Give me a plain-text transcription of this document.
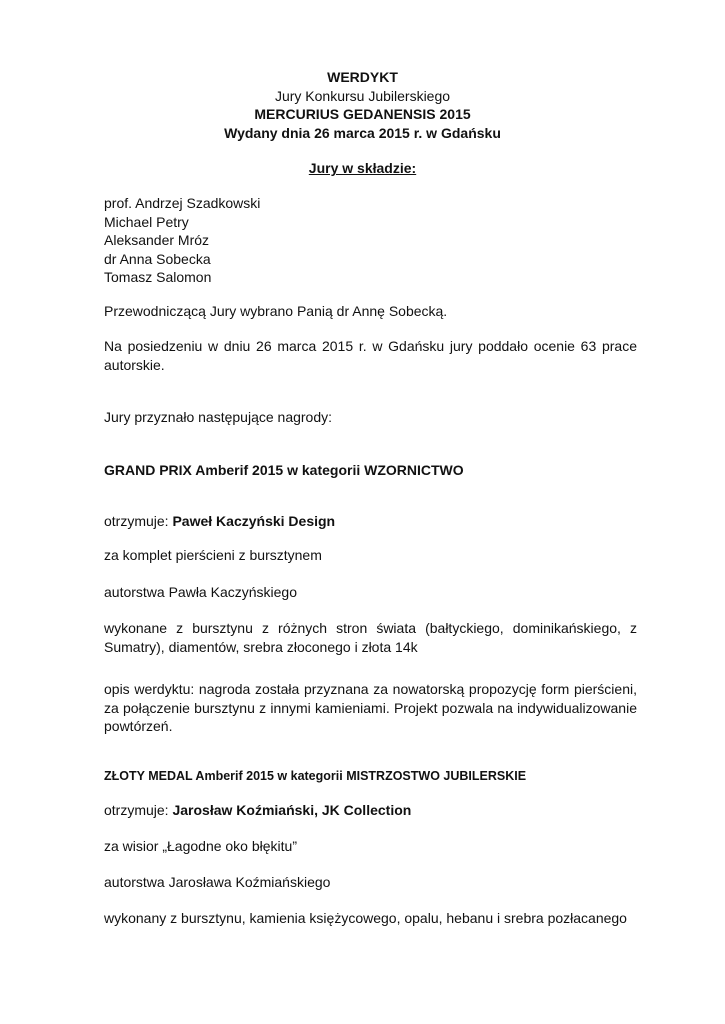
WERDYKT
Jury Konkursu Jubilerskiego
MERCURIUS GEDANENSIS 2015
Wydany dnia 26 marca 2015 r. w Gdańsku
Jury w składzie:
prof. Andrzej Szadkowski
Michael Petry
Aleksander Mróz
dr Anna Sobecka
Tomasz Salomon
Przewodniczącą Jury wybrano Panią dr Annę Sobecką.
Na posiedzeniu w dniu 26 marca 2015 r. w Gdańsku jury poddało ocenie 63 prace autorskie.
Jury przyznało następujące nagrody:
GRAND PRIX Amberif 2015 w kategorii WZORNICTWO
otrzymuje: Paweł Kaczyński Design
za komplet pierścieni z bursztynem
autorstwa Pawła Kaczyńskiego
wykonane z bursztynu z różnych stron świata (bałtyckiego, dominikańskiego, z Sumatry), diamentów, srebra złoconego i złota 14k
opis werdyktu: nagroda została przyznana za nowatorską propozycję form pierścieni, za połączenie bursztynu z innymi kamieniami. Projekt pozwala na indywidualizowanie powtórzeń.
ZŁOTY MEDAL Amberif 2015 w kategorii MISTRZOSTWO JUBILERSKIE
otrzymuje: Jarosław Koźmiański, JK Collection
za wisior „Łagodne oko błękitu”
autorstwa Jarosława Koźmiańskiego
wykonany z bursztynu, kamienia księżycowego, opalu, hebanu i srebra pozłacanego
